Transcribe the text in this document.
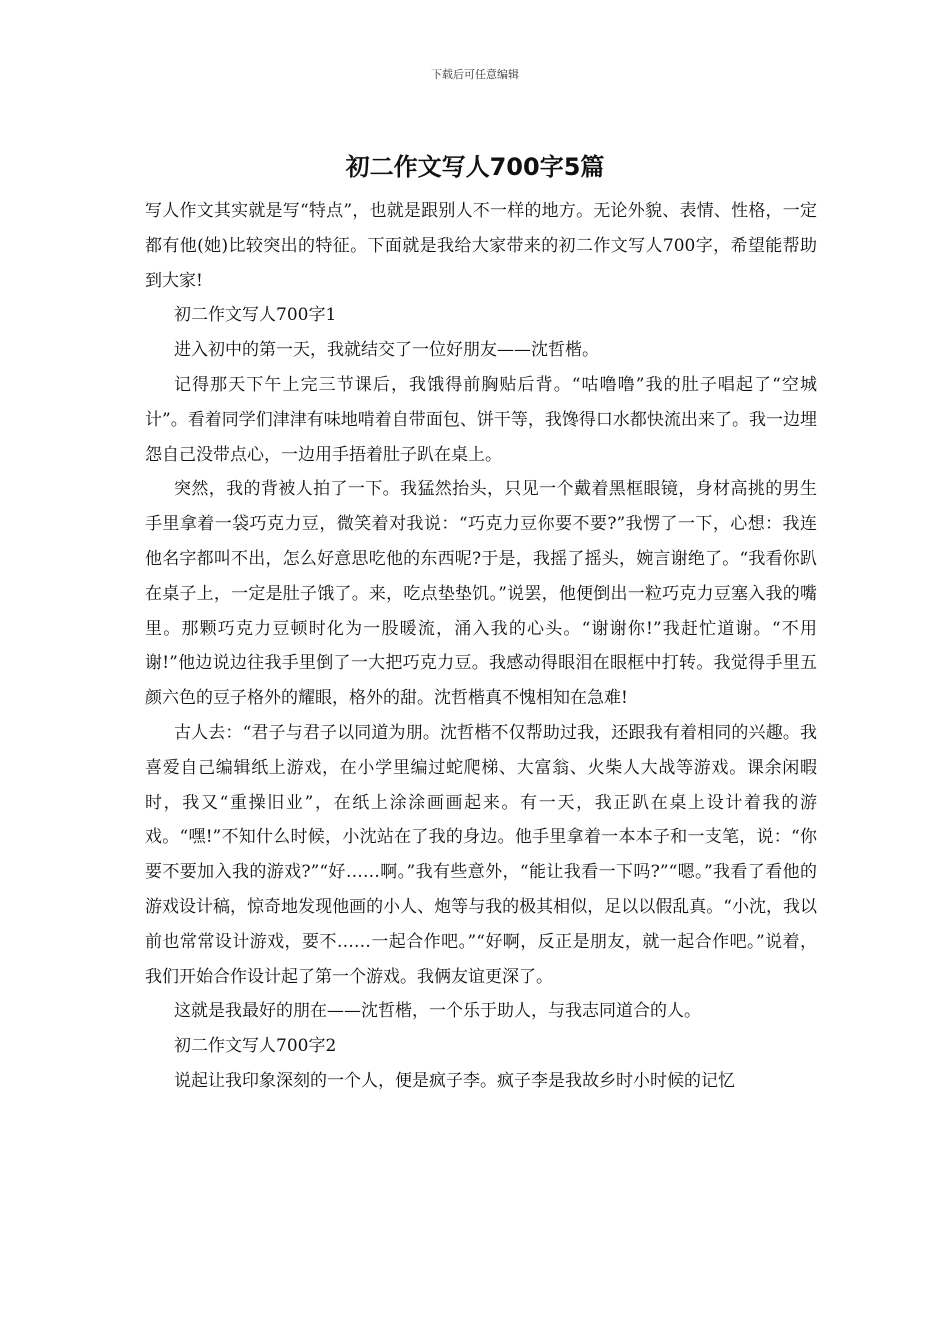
下载后可任意编辑
初二作文写人700字5篇

写人作文其实就是写“特点”，也就是跟别人不一样的地方。无论外貌、表情、性格，一定都有他(她)比较突出的特征。下面就是我给大家带来的初二作文写人700字，希望能帮助到大家!

初二作文写人700字1

进入初中的第一天，我就结交了一位好朋友——沈哲楷。

记得那天下午上完三节课后，我饿得前胸贴后背。“咕噜噜”我的肚子唱起了“空城计”。看着同学们津津有味地啃着自带面包、饼干等，我馋得口水都快流出来了。我一边埋怨自己没带点心，一边用手捂着肚子趴在桌上。

突然，我的背被人拍了一下。我猛然抬头，只见一个戴着黑框眼镜，身材高挑的男生手里拿着一袋巧克力豆，微笑着对我说：“巧克力豆你要不要?”我愣了一下，心想：我连他名字都叫不出，怎么好意思吃他的东西呢?于是，我摇了摇头，婉言谢绝了。“我看你趴在桌子上，一定是肚子饿了。来，吃点垫垫饥。”说罢，他便倒出一粒巧克力豆塞入我的嘴里。那颗巧克力豆顿时化为一股暖流，涌入我的心头。“谢谢你!”我赶忙道谢。“不用谢!”他边说边往我手里倒了一大把巧克力豆。我感动得眼泪在眼框中打转。我觉得手里五颜六色的豆子格外的耀眼，格外的甜。沈哲楷真不愧相知在急难!

古人去：“君子与君子以同道为朋。沈哲楷不仅帮助过我，还跟我有着相同的兴趣。我喜爱自己编辑纸上游戏，在小学里编过蛇爬梯、大富翁、火柴人大战等游戏。课余闲暇时，我又“重操旧业”，在纸上涂涂画画起来。有一天，我正趴在桌上设计着我的游戏。“嘿!”不知什么时候，小沈站在了我的身边。他手里拿着一本本子和一支笔，说：“你要不要加入我的游戏?”“好……啊。”我有些意外，“能让我看一下吗?”“嗯。”我看了看他的游戏设计稿，惊奇地发现他画的小人、炮等与我的极其相似，足以以假乱真。“小沈，我以前也常常设计游戏，要不……一起合作吧。”“好啊，反正是朋友，就一起合作吧。”说着，我们开始合作设计起了第一个游戏。我俩友谊更深了。

这就是我最好的朋在——沈哲楷，一个乐于助人，与我志同道合的人。

初二作文写人700字2

说起让我印象深刻的一个人，便是疯子李。疯子李是我故乡时小时候的记忆
